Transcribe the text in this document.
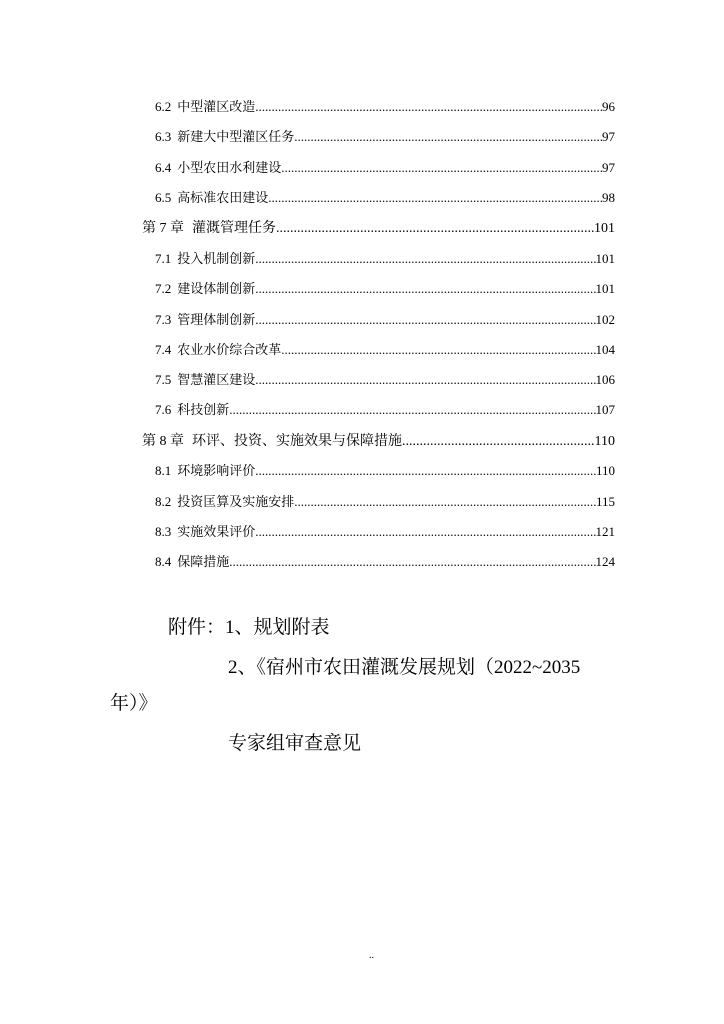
6.2 中型灌区改造 .....	96
6.3 新建大中型灌区任务 .....	97
6.4 小型农田水利建设 .....	97
6.5 高标准农田建设 .....	98
第 7 章 灌溉管理任务 .....	101
7.1 投入机制创新 .....	101
7.2 建设体制创新 .....	101
7.3 管理体制创新 .....	102
7.4 农业水价综合改革 .....	104
7.5 智慧灌区建设 .....	106
7.6 科技创新 .....	107
第 8 章 环评、投资、实施效果与保障措施 .....	110
8.1 环境影响评价 .....	110
8.2 投资匡算及实施安排 .....	115
8.3 实施效果评价 .....	121
8.4 保障措施 .....	124
附件：1、规划附表
2、《宿州市农田灌溉发展规划（2022~2035
年）》
专家组审查意见
..
